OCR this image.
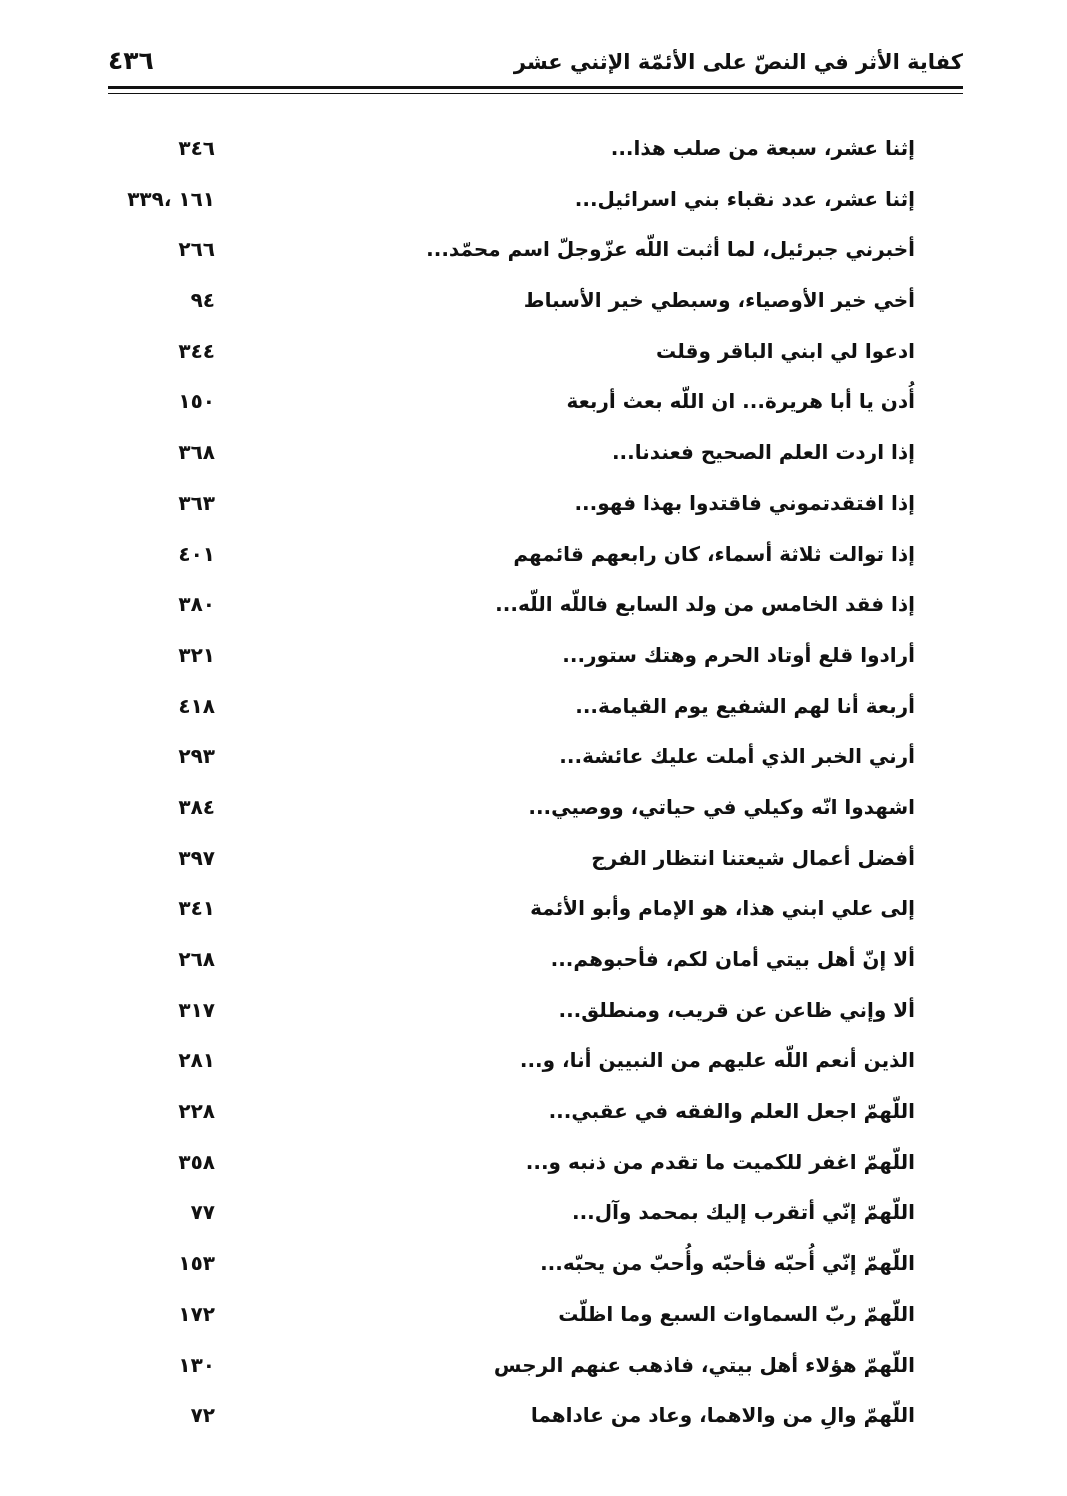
كفاية الأثر في النصّ على الأئمّة الإثني عشر
٤٣٦
إثنا عشر، سبعة من صلب هذا...
٣٤٦
إثنا عشر، عدد نقباء بني اسرائيل...
١٦١ ،٣٣٩
أخبرني جبرئيل، لما أثبت اللّه عزّوجلّ اسم محمّد...
٢٦٦
أخي خير الأوصياء، وسبطي خير الأسباط
٩٤
ادعوا لي ابني الباقر وقلت
٣٤٤
أُدن يا أبا هريرة... ان اللّه بعث أربعة
١٥٠
إذا اردت العلم الصحيح فعندنا...
٣٦٨
إذا افتقدتموني فاقتدوا بهذا فهو...
٣٦٣
إذا توالت ثلاثة أسماء، كان رابعهم قائمهم
٤٠١
إذا فقد الخامس من ولد السابع فاللّه اللّه...
٣٨٠
أرادوا قلع أوتاد الحرم وهتك ستور...
٣٢١
أربعة أنا لهم الشفيع يوم القيامة...
٤١٨
أرني الخبر الذي أملت عليك عائشة...
٢٩٣
اشهدوا انّه وكيلي في حياتي، ووصيي...
٣٨٤
أفضل أعمال شيعتنا انتظار الفرج
٣٩٧
إلى علي ابني هذا، هو الإمام وأبو الأئمة
٣٤١
ألا إنّ أهل بيتي أمان لكم، فأحبوهم...
٢٦٨
ألا وإني ظاعن عن قريب، ومنطلق...
٣١٧
الذين أنعم اللّه عليهم من النبيين أنا، و...
٢٨١
اللّهمّ اجعل العلم والفقه في عقبي...
٢٢٨
اللّهمّ اغفر للكميت ما تقدم من ذنبه و...
٣٥٨
اللّهمّ إنّي أتقرب إليك بمحمد وآل...
٧٧
اللّهمّ إنّي أُحبّه فأحبّه وأُحبّ من يحبّه...
١٥٣
اللّهمّ ربّ السماوات السبع وما اظلّت
١٧٢
اللّهمّ هؤلاء أهل بيتي، فاذهب عنهم الرجس
١٣٠
اللّهمّ والِ من والاهما، وعاد من عاداهما
٧٢
